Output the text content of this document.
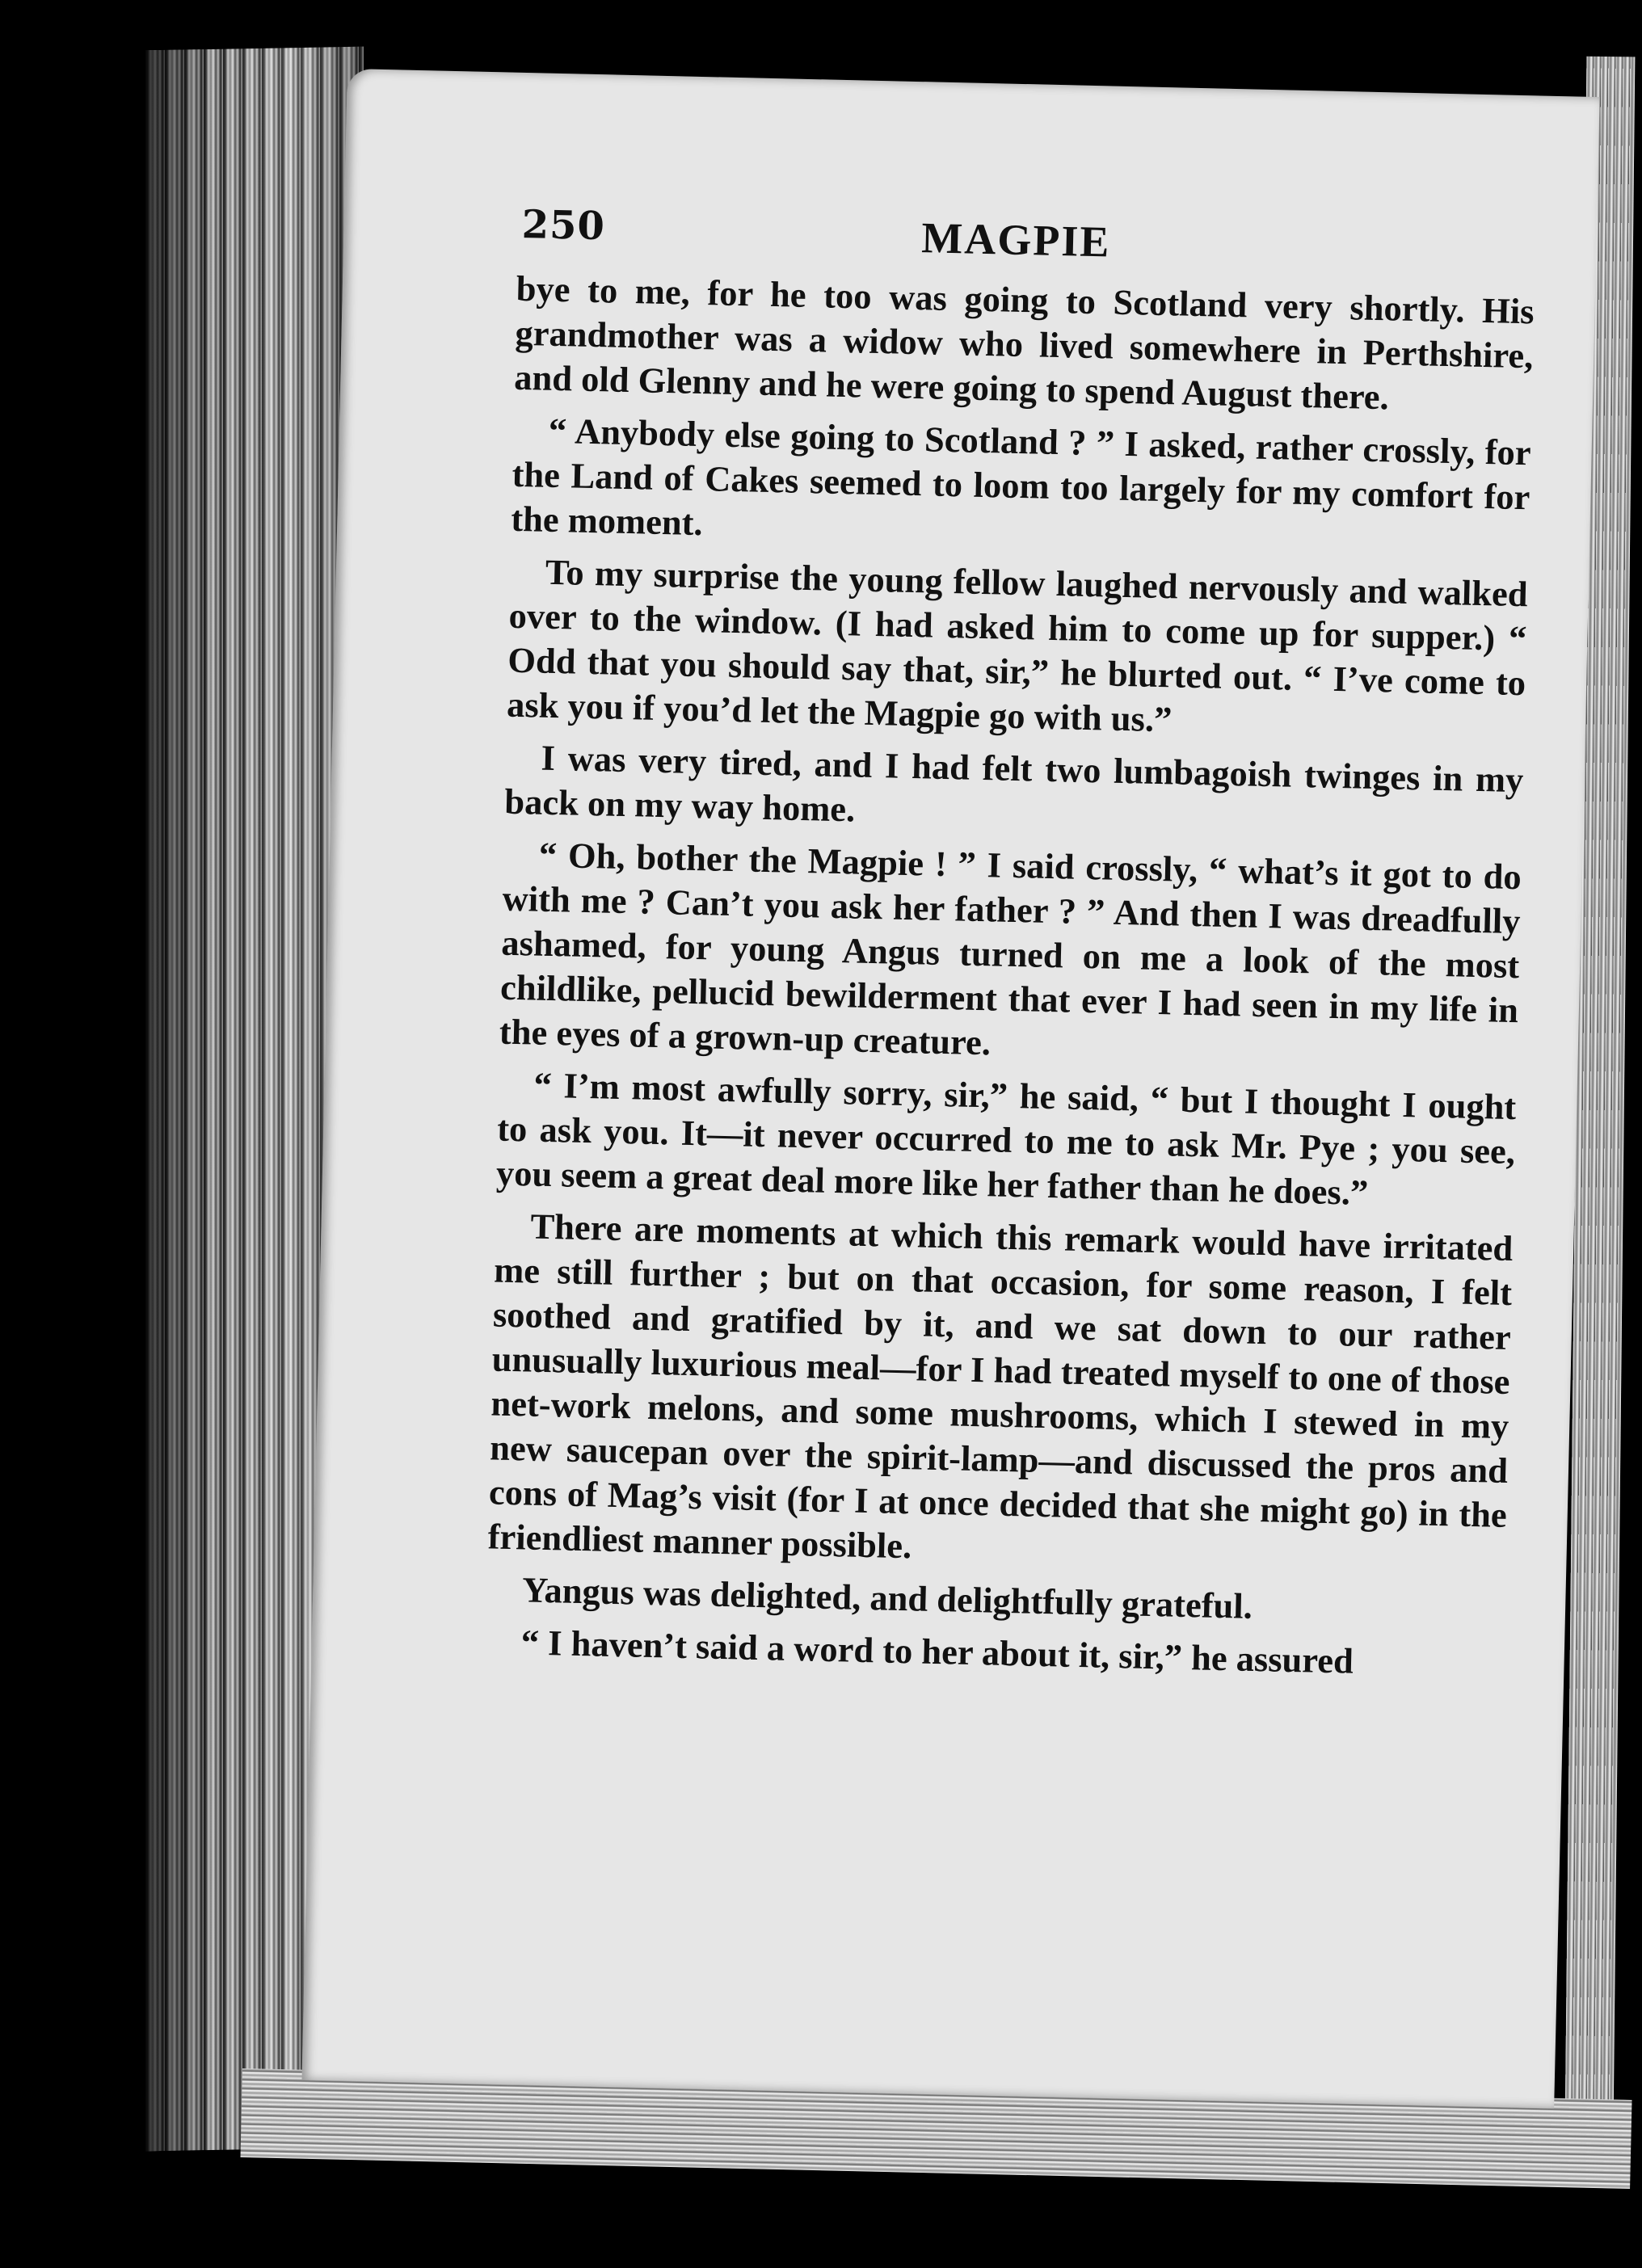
250	MAGPIE

bye to me, for he too was going to Scotland very shortly. His grandmother was a widow who lived somewhere in Perthshire, and old Glenny and he were going to spend August there.

“ Anybody else going to Scotland ? ” I asked, rather crossly, for the Land of Cakes seemed to loom too largely for my comfort for the moment.

To my surprise the young fellow laughed nervously and walked over to the window. (I had asked him to come up for supper.) “ Odd that you should say that, sir,” he blurted out. “ I’ve come to ask you if you’d let the Magpie go with us.”

I was very tired, and I had felt two lumbagoish twinges in my back on my way home.

“ Oh, bother the Magpie ! ” I said crossly, “ what’s it got to do with me ? Can’t you ask her father ? ” And then I was dreadfully ashamed, for young Angus turned on me a look of the most childlike, pellucid bewilderment that ever I had seen in my life in the eyes of a grown-up creature.

“ I’m most awfully sorry, sir,” he said, “ but I thought I ought to ask you. It—it never occurred to me to ask Mr. Pye ; you see, you seem a great deal more like her father than he does.”

There are moments at which this remark would have irritated me still further ; but on that occasion, for some reason, I felt soothed and gratified by it, and we sat down to our rather unusually luxurious meal—for I had treated myself to one of those net-work melons, and some mushrooms, which I stewed in my new saucepan over the spirit-lamp—and discussed the pros and cons of Mag’s visit (for I at once decided that she might go) in the friendliest manner possible.

Yangus was delighted, and delightfully grateful.

“ I haven’t said a word to her about it, sir,” he assured
